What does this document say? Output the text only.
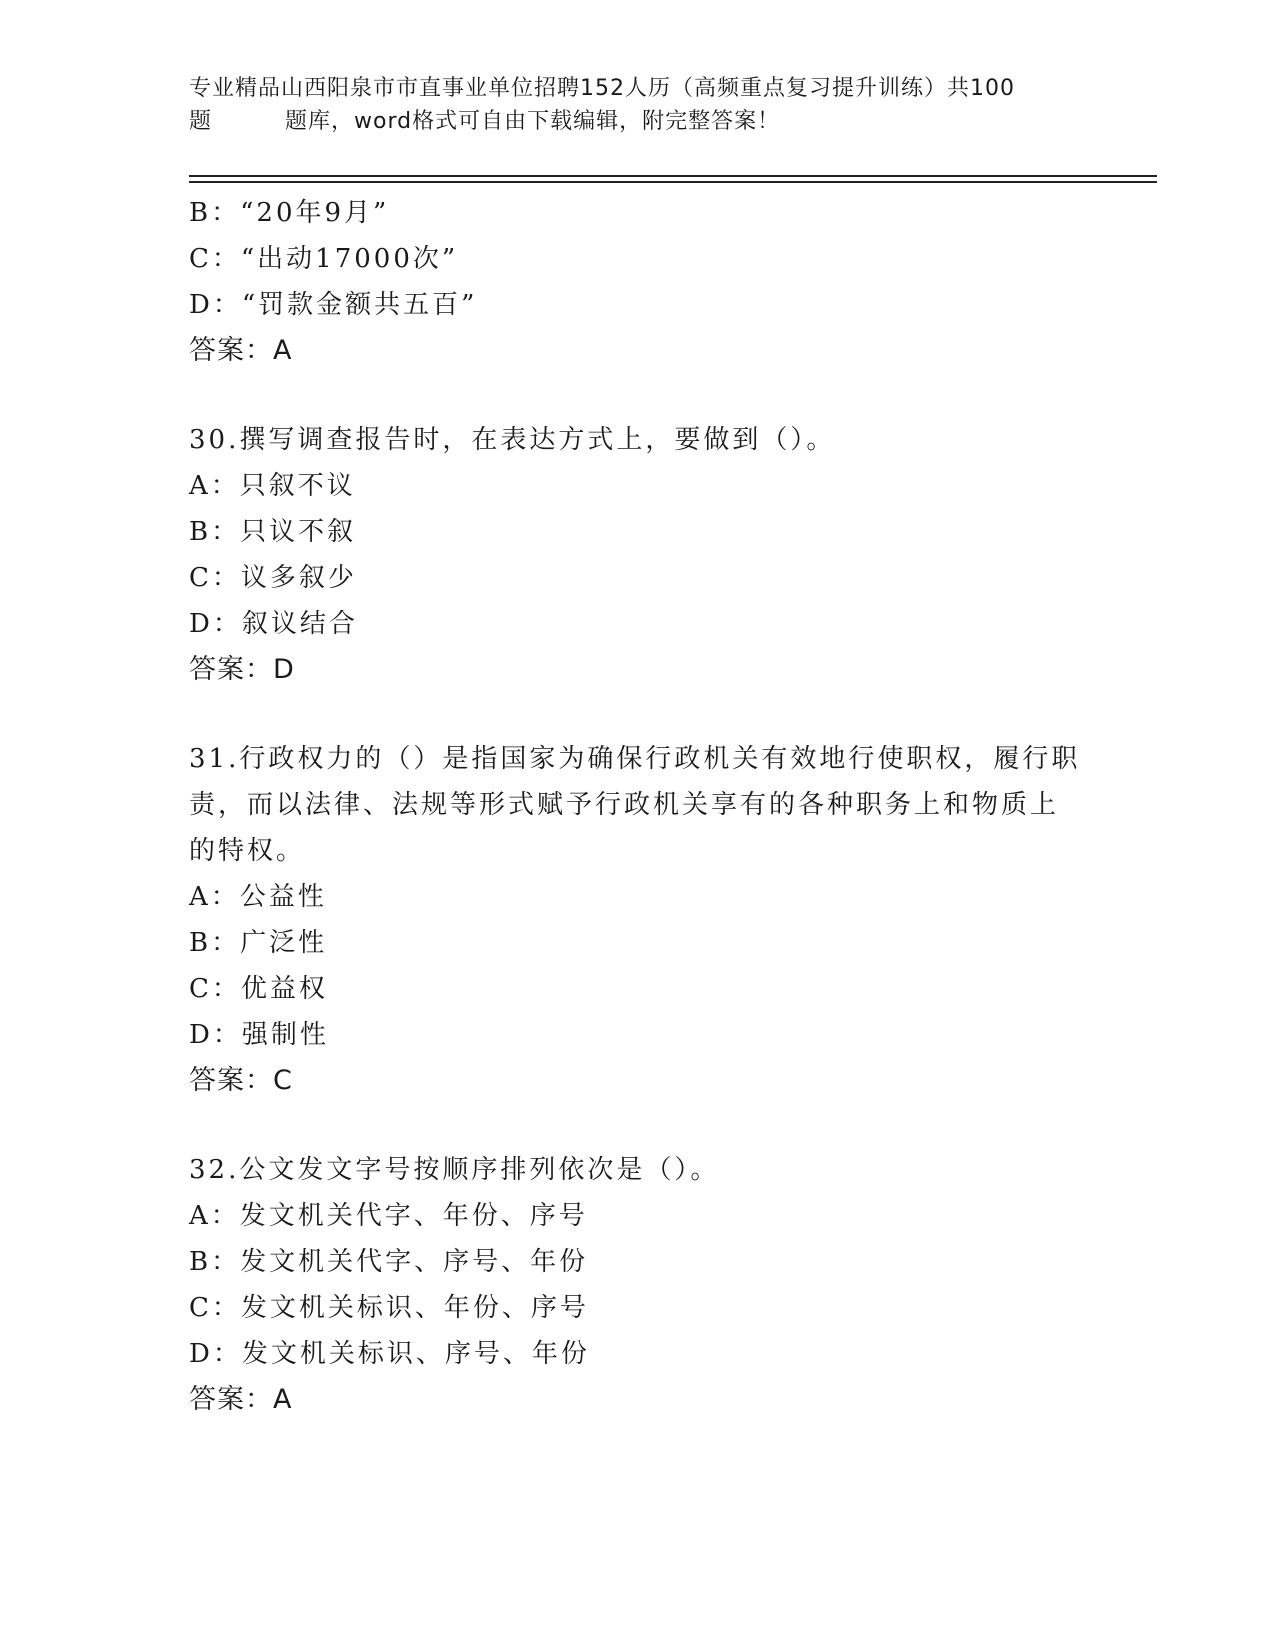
专业精品山西阳泉市市直事业单位招聘152人历（高频重点复习提升训练）共100
题	题库，word格式可自由下载编辑，附完整答案！
B：“20年9月”
C：“出动17000次”
D：“罚款金额共五百”
答案：A
30.撰写调查报告时，在表达方式上，要做到（）。
A：只叙不议
B：只议不叙
C：议多叙少
D：叙议结合
答案：D
31.行政权力的（）是指国家为确保行政机关有效地行使职权，履行职
责，而以法律、法规等形式赋予行政机关享有的各种职务上和物质上
的特权。
A：公益性
B：广泛性
C：优益权
D：强制性
答案：C
32.公文发文字号按顺序排列依次是（）。
A：发文机关代字、年份、序号
B：发文机关代字、序号、年份
C：发文机关标识、年份、序号
D：发文机关标识、序号、年份
答案：A
